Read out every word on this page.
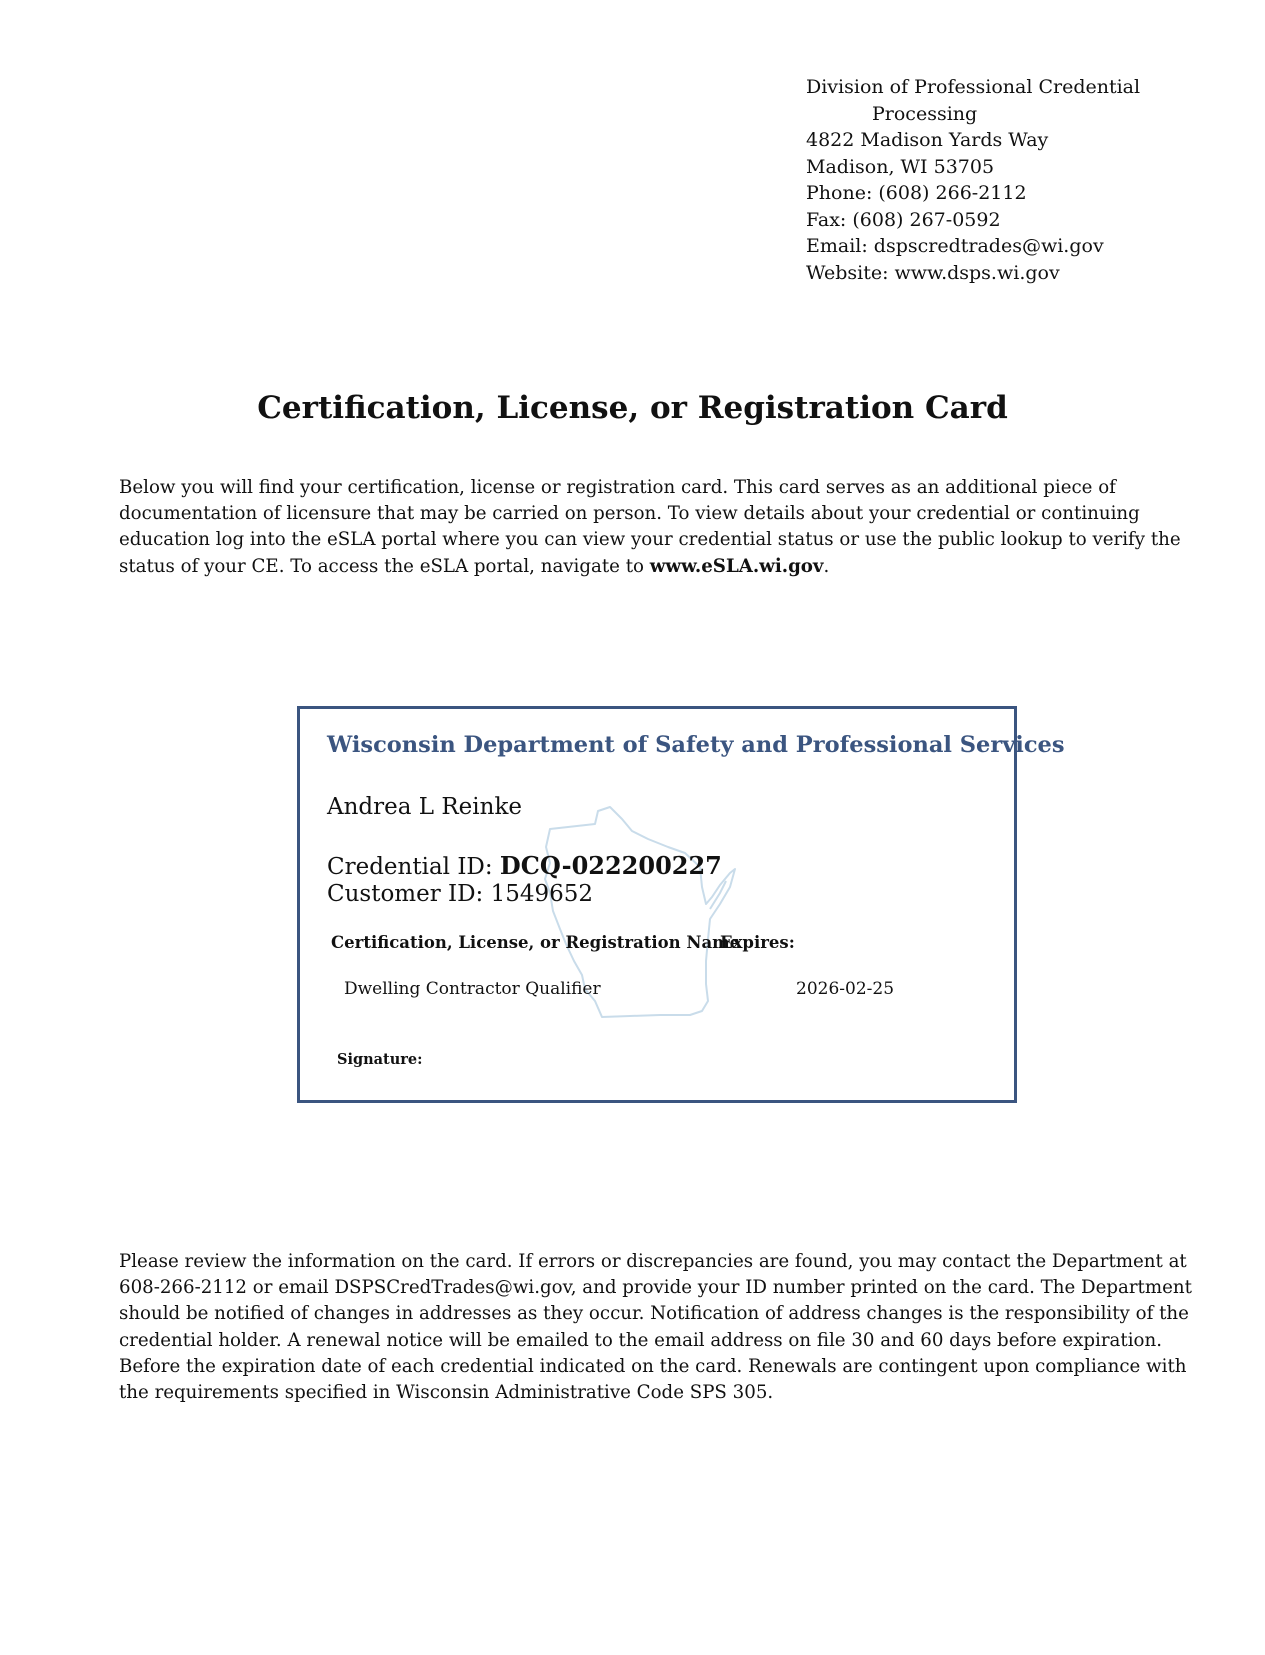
Division of Professional Credential
Processing
4822 Madison Yards Way
Madison, WI 53705
Phone: (608) 266-2112
Fax: (608) 267-0592
Email: dspscredtrades@wi.gov
Website: www.dsps.wi.gov
Certification, License, or Registration Card

Below you will find your certification, license or registration card. This card serves as an additional piece of documentation of licensure that may be carried on person. To view details about your credential or continuing education log into the eSLA portal where you can view your credential status or use the public lookup to verify the status of your CE. To access the eSLA portal, navigate to www.eSLA.wi.gov.

Wisconsin Department of Safety and Professional Services
Andrea L Reinke
Credential ID: DCQ-022200227
Customer ID: 1549652
Certification, License, or Registration Name
Expires:
Dwelling Contractor Qualifier	2026-02-25
Signature:

Please review the information on the card. If errors or discrepancies are found, you may contact the Department at 608-266-2112 or email DSPSCredTrades@wi.gov, and provide your ID number printed on the card. The Department should be notified of changes in addresses as they occur. Notification of address changes is the responsibility of the credential holder. A renewal notice will be emailed to the email address on file 30 and 60 days before expiration. Before the expiration date of each credential indicated on the card. Renewals are contingent upon compliance with the requirements specified in Wisconsin Administrative Code SPS 305.
